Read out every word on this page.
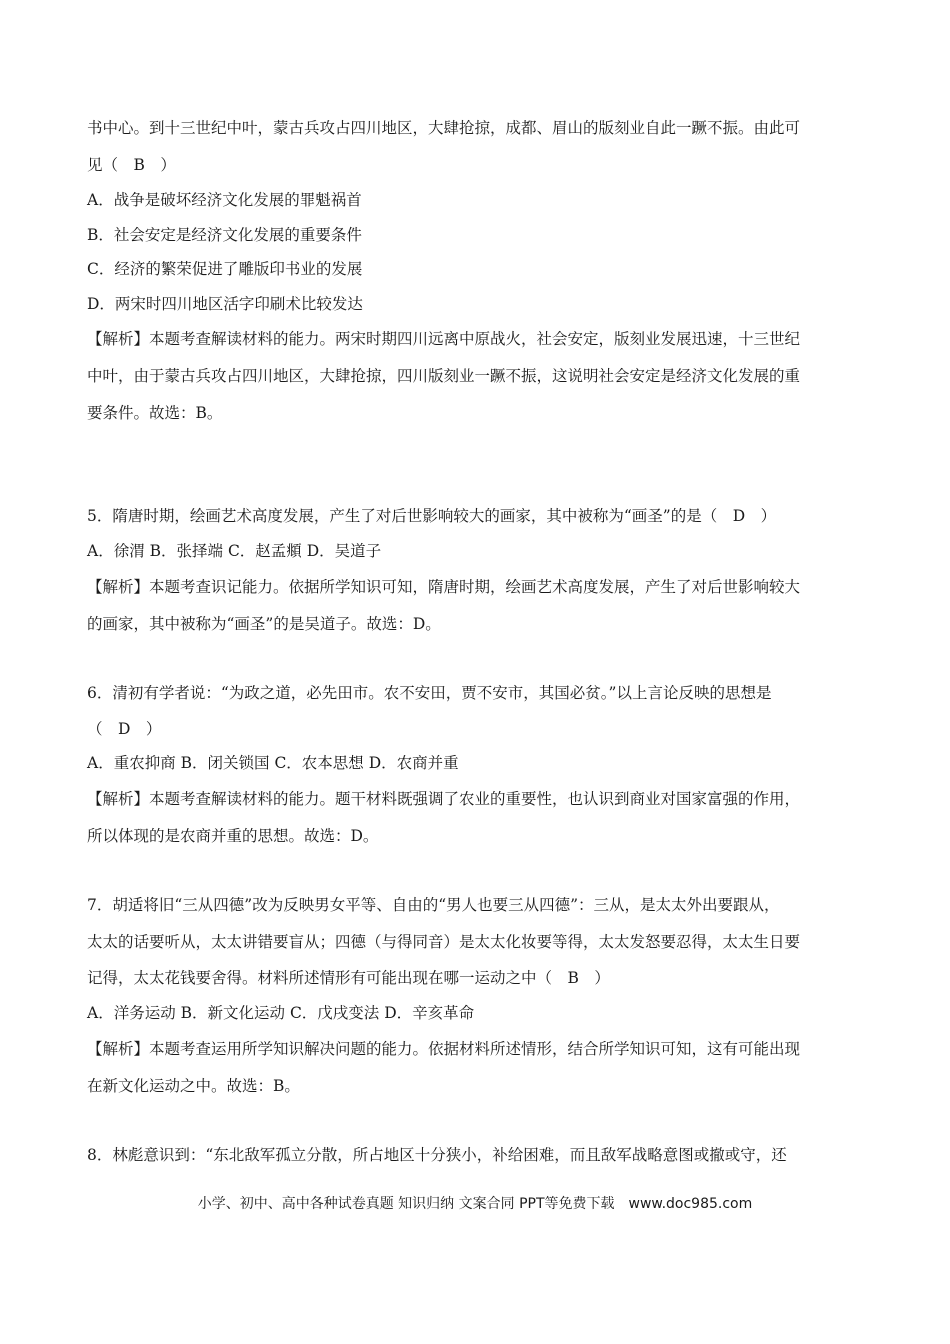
书中心。到十三世纪中叶，蒙古兵攻占四川地区，大肆抢掠，成都、眉山的版刻业自此一蹶不振。由此可
见（　B　）
A．战争是破坏经济文化发展的罪魁祸首
B．社会安定是经济文化发展的重要条件
C．经济的繁荣促进了雕版印书业的发展
D．两宋时四川地区活字印刷术比较发达
【解析】本题考查解读材料的能力。两宋时期四川远离中原战火，社会安定，版刻业发展迅速，十三世纪
中叶，由于蒙古兵攻占四川地区，大肆抢掠，四川版刻业一蹶不振，这说明社会安定是经济文化发展的重
要条件。故选：B。
5．隋唐时期，绘画艺术高度发展，产生了对后世影响较大的画家，其中被称为“画圣”的是（　D　）
A．徐渭 B．张择端 C．赵孟頫 D．吴道子
【解析】本题考查识记能力。依据所学知识可知，隋唐时期，绘画艺术高度发展，产生了对后世影响较大
的画家，其中被称为“画圣”的是吴道子。故选：D。
6．清初有学者说：“为政之道，必先田市。农不安田，贾不安市，其国必贫。”以上言论反映的思想是
（　D　）
A．重农抑商 B．闭关锁国 C．农本思想 D．农商并重
【解析】本题考查解读材料的能力。题干材料既强调了农业的重要性，也认识到商业对国家富强的作用，
所以体现的是农商并重的思想。故选：D。
7．胡适将旧“三从四德”改为反映男女平等、自由的“男人也要三从四德”：三从，是太太外出要跟从，
太太的话要听从，太太讲错要盲从；四德（与得同音）是太太化妆要等得，太太发怒要忍得，太太生日要
记得，太太花钱要舍得。材料所述情形有可能出现在哪一运动之中（　B　）
A．洋务运动 B．新文化运动 C．戊戌变法 D．辛亥革命
【解析】本题考查运用所学知识解决问题的能力。依据材料所述情形，结合所学知识可知，这有可能出现
在新文化运动之中。故选：B。
8．林彪意识到：“东北敌军孤立分散，所占地区十分狭小，补给困难，而且敌军战略意图或撤或守，还
小学、初中、高中各种试卷真题 知识归纳 文案合同 PPT等免费下载　www.doc985.com
